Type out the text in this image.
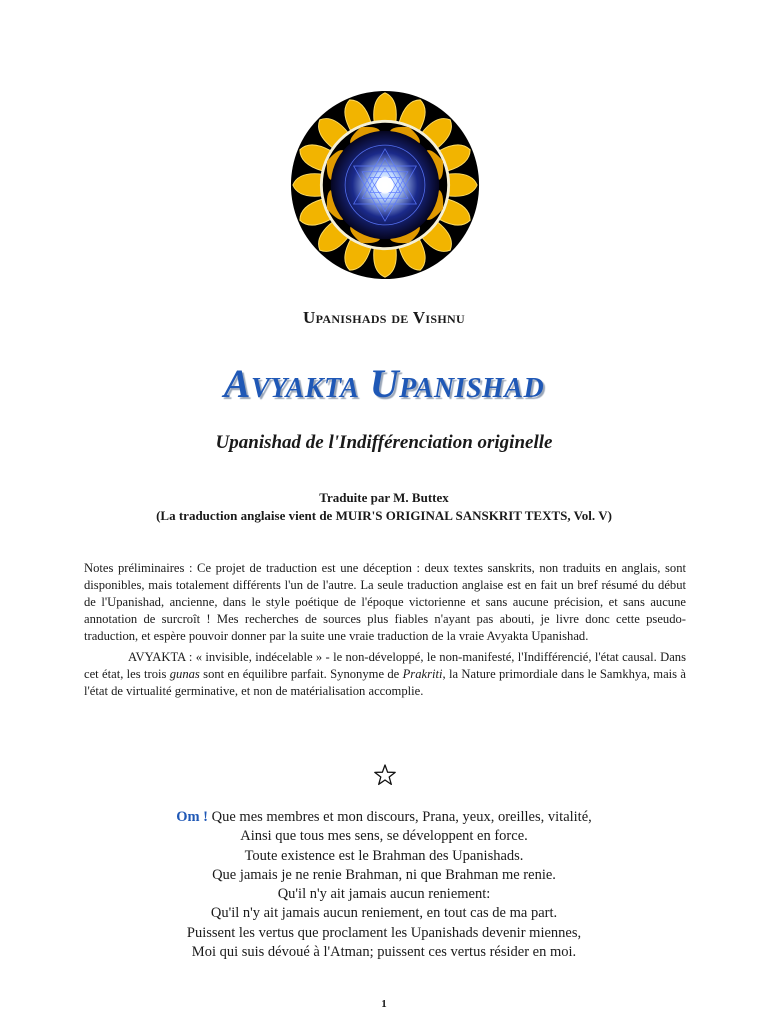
Upanishads de Vishnu
Avyakta Upanishad
Upanishad de l'Indifférenciation originelle
Traduite par M. Buttex
(La traduction anglaise vient de MUIR'S ORIGINAL SANSKRIT TEXTS, Vol. V)

Notes préliminaires : Ce projet de traduction est une déception : deux textes sanskrits, non traduits en anglais, sont disponibles, mais totalement différents l'un de l'autre. La seule traduction anglaise est en fait un bref résumé du début de l'Upanishad, ancienne, dans le style poétique de l'époque victorienne et sans aucune précision, et sans aucune annotation de surcroît ! Mes recherches de sources plus fiables n'ayant pas abouti, je livre donc cette pseudo-traduction, et espère pouvoir donner par la suite une vraie traduction de la vraie Avyakta Upanishad.

AVYAKTA : « invisible, indécelable » - le non-développé, le non-manifesté, l'Indifférencié, l'état causal. Dans cet état, les trois gunas sont en équilibre parfait. Synonyme de Prakriti, la Nature primordiale dans le Samkhya, mais à l'état de virtualité germinative, et non de matérialisation accomplie.

Om ! Que mes membres et mon discours, Prana, yeux, oreilles, vitalité,
Ainsi que tous mes sens, se développent en force.
Toute existence est le Brahman des Upanishads.
Que jamais je ne renie Brahman, ni que Brahman me renie.
Qu'il n'y ait jamais aucun reniement:
Qu'il n'y ait jamais aucun reniement, en tout cas de ma part.
Puissent les vertus que proclament les Upanishads devenir miennes,
Moi qui suis dévoué à l'Atman; puissent ces vertus résider en moi.
1
